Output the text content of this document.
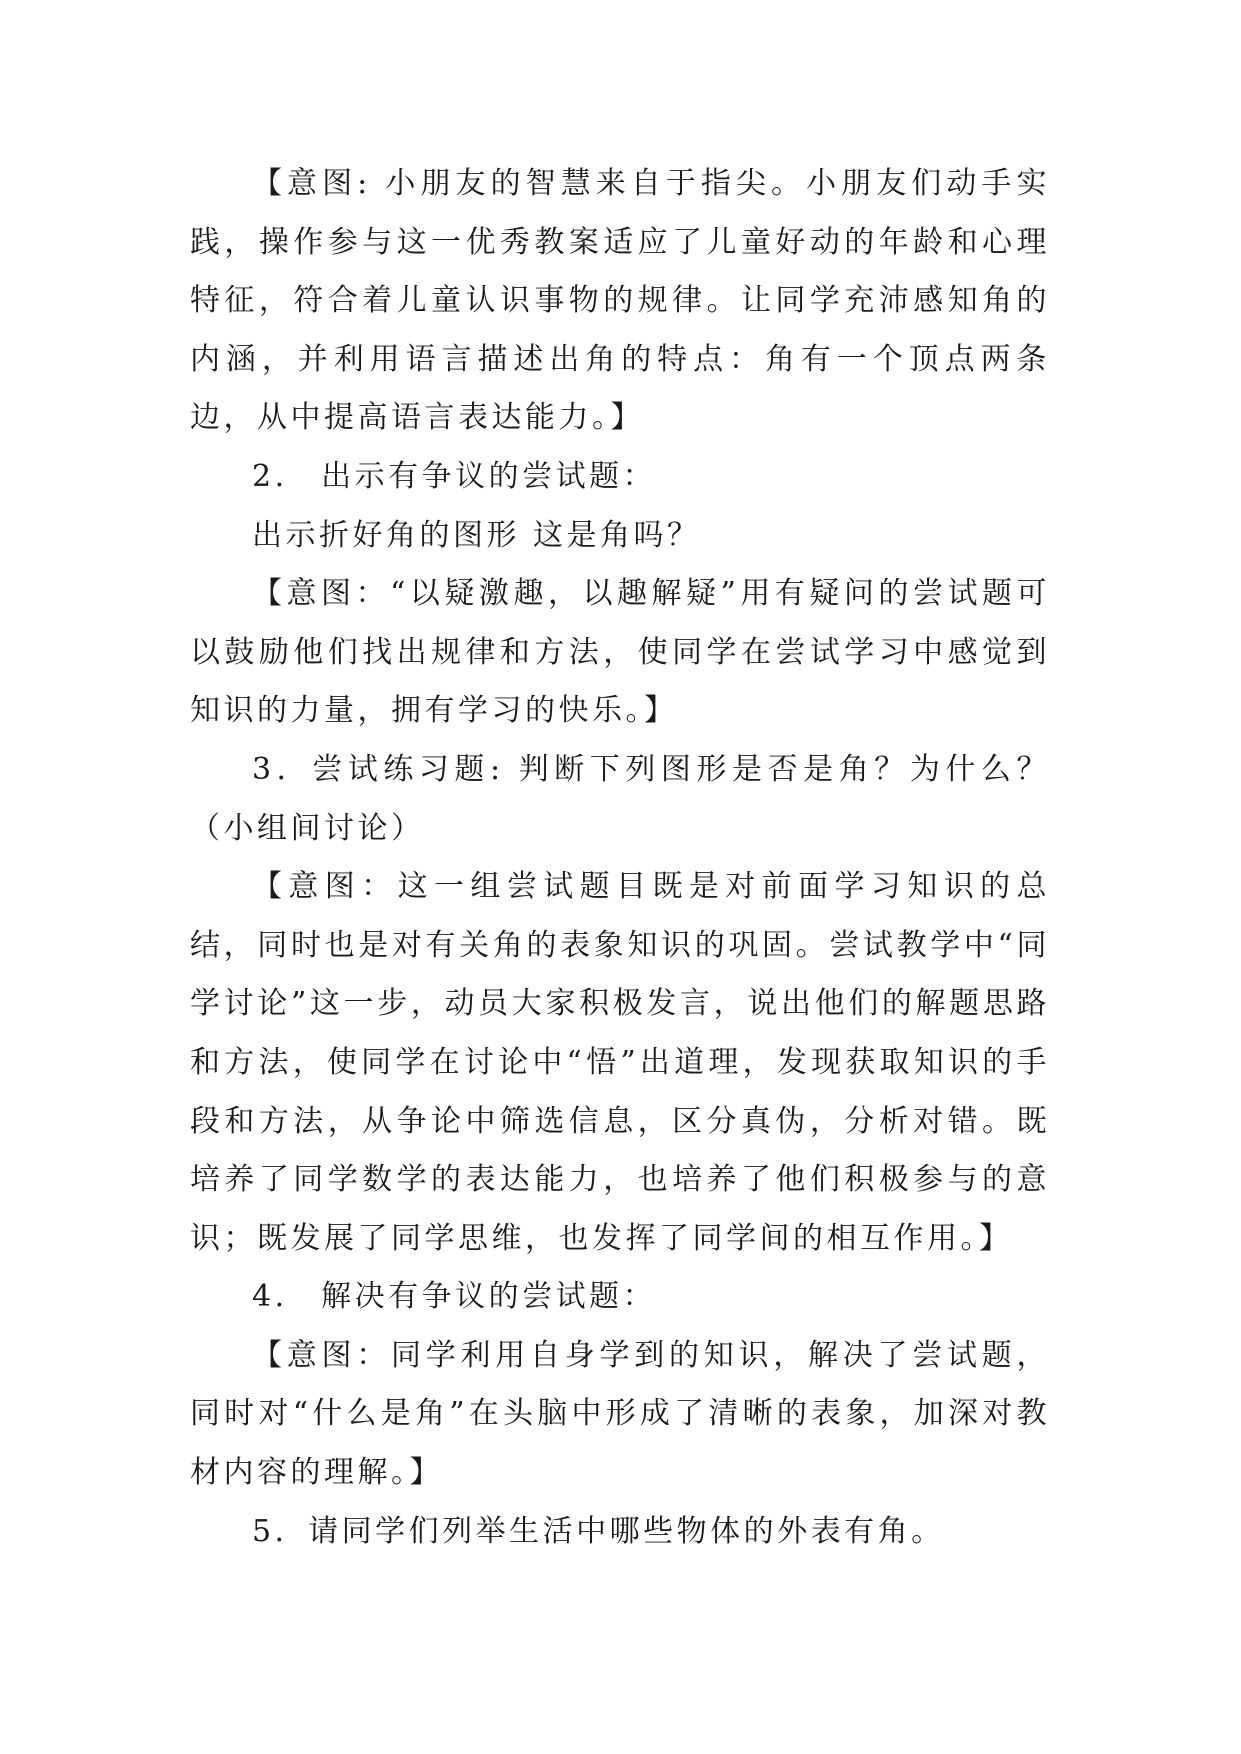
【意图: 小朋友的智慧来自于指尖。小朋友们动手实践，操作参与这一优秀教案适应了儿童好动的年龄和心理特征，符合着儿童认识事物的规律。让同学充沛感知角的内涵，并利用语言描述出角的特点：角有一个顶点两条边，从中提高语言表达能力。】

2.　出示有争议的尝试题：

出示折好角的图形 这是角吗？

【意图：“以疑激趣，以趣解疑”用有疑问的尝试题可以鼓励他们找出规律和方法，使同学在尝试学习中感觉到知识的力量，拥有学习的快乐。】

3．尝试练习题: 判断下列图形是否是角？为什么？（小组间讨论）

【意图：这一组尝试题目既是对前面学习知识的总结，同时也是对有关角的表象知识的巩固。尝试教学中“同学讨论”这一步，动员大家积极发言，说出他们的解题思路和方法，使同学在讨论中“悟”出道理，发现获取知识的手段和方法，从争论中筛选信息，区分真伪，分析对错。既培养了同学数学的表达能力，也培养了他们积极参与的意识；既发展了同学思维，也发挥了同学间的相互作用。】

4.　解决有争议的尝试题：

【意图：同学利用自身学到的知识，解决了尝试题，同时对“什么是角”在头脑中形成了清晰的表象，加深对教材内容的理解。】

5．请同学们列举生活中哪些物体的外表有角。
